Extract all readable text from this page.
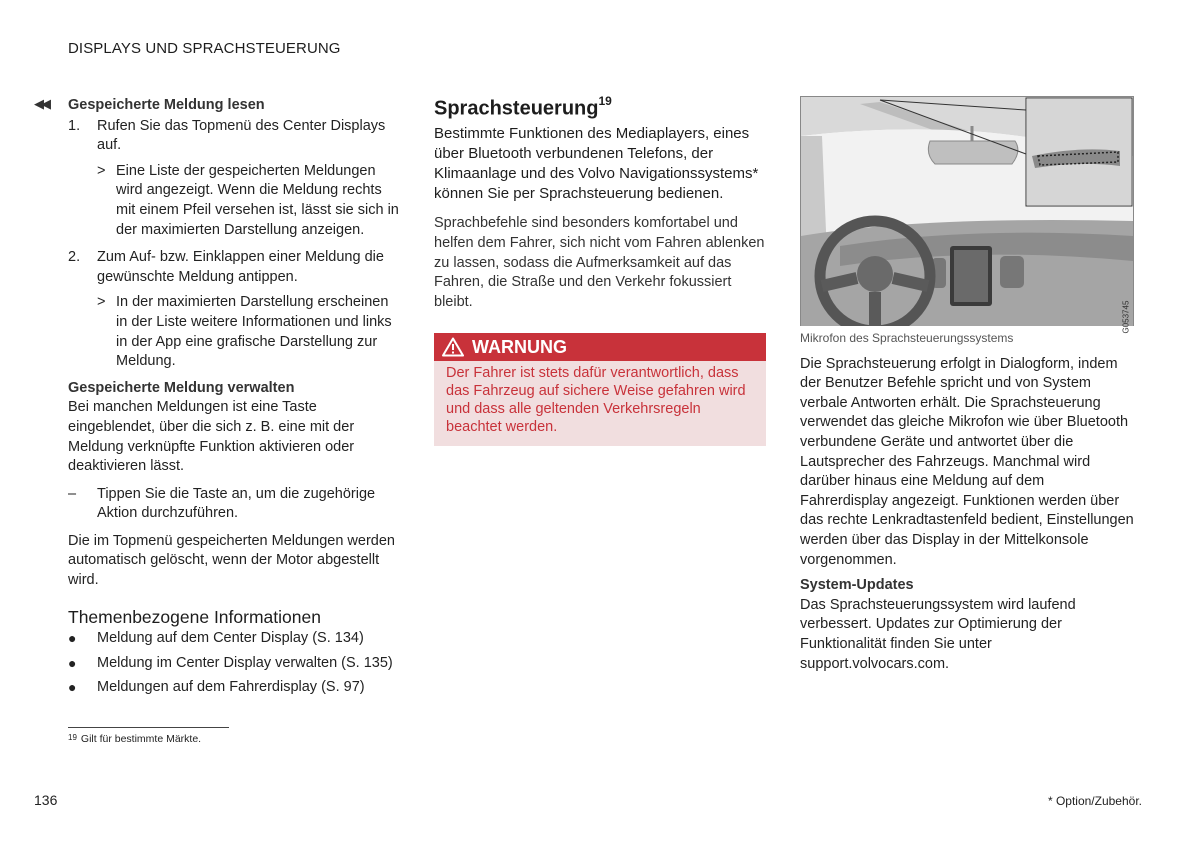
DISPLAYS UND SPRACHSTEUERUNG
◀◀ Gespeicherte Meldung lesen

1.	Rufen Sie das Topmenü des Center Displays auf.
> Eine Liste der gespeicherten Meldungen wird angezeigt. Wenn die Meldung rechts mit einem Pfeil versehen ist, lässt sie sich in der maximierten Darstellung anzeigen.
2.	Zum Auf- bzw. Einklappen einer Meldung die gewünschte Meldung antippen.
> In der maximierten Darstellung erscheinen in der Liste weitere Informationen und links in der App eine grafische Darstellung zur Meldung.

Gespeicherte Meldung verwalten

Bei manchen Meldungen ist eine Taste eingeblendet, über die sich z. B. eine mit der Meldung verknüpfte Funktion aktivieren oder deaktivieren lässt.

–	Tippen Sie die Taste an, um die zugehörige Aktion durchzuführen.

Die im Topmenü gespeicherten Meldungen werden automatisch gelöscht, wenn der Motor abgestellt wird.

Themenbezogene Informationen

●	Meldung auf dem Center Display (S. 134)
●	Meldung im Center Display verwalten (S. 135)
●	Meldungen auf dem Fahrerdisplay (S. 97)

Sprachsteuerung$^{19}$

Bestimmte Funktionen des Mediaplayers, eines über Bluetooth verbundenen Telefons, der Klimaanlage und des Volvo Navigationssystems* können Sie per Sprachsteuerung bedienen.

Sprachbefehle sind besonders komfortabel und helfen dem Fahrer, sich nicht vom Fahren ablenken zu lassen, sodass die Aufmerksamkeit auf das Fahren, die Straße und den Verkehr fokussiert bleibt.

WARNUNG
Der Fahrer ist stets dafür verantwortlich, dass das Fahrzeug auf sichere Weise gefahren wird und dass alle geltenden Verkehrsregeln beachtet werden.
G053745

Mikrofon des Sprachsteuerungssystems

Die Sprachsteuerung erfolgt in Dialogform, indem der Benutzer Befehle spricht und von System verbale Antworten erhält. Die Sprachsteuerung verwendet das gleiche Mikrofon wie über Bluetooth verbundene Geräte und antwortet über die Lautsprecher des Fahrzeugs. Manchmal wird darüber hinaus eine Meldung auf dem Fahrerdisplay angezeigt. Funktionen werden über das rechte Lenkradtastenfeld bedient, Einstellungen werden über das Display in der Mittelkonsole vorgenommen.

System-Updates

Das Sprachsteuerungssystem wird laufend verbessert. Updates zur Optimierung der Funktionalität finden Sie unter support.volvocars.com.

$^{19}$ Gilt für bestimmte Märkte.
136	* Option/Zubehör.
